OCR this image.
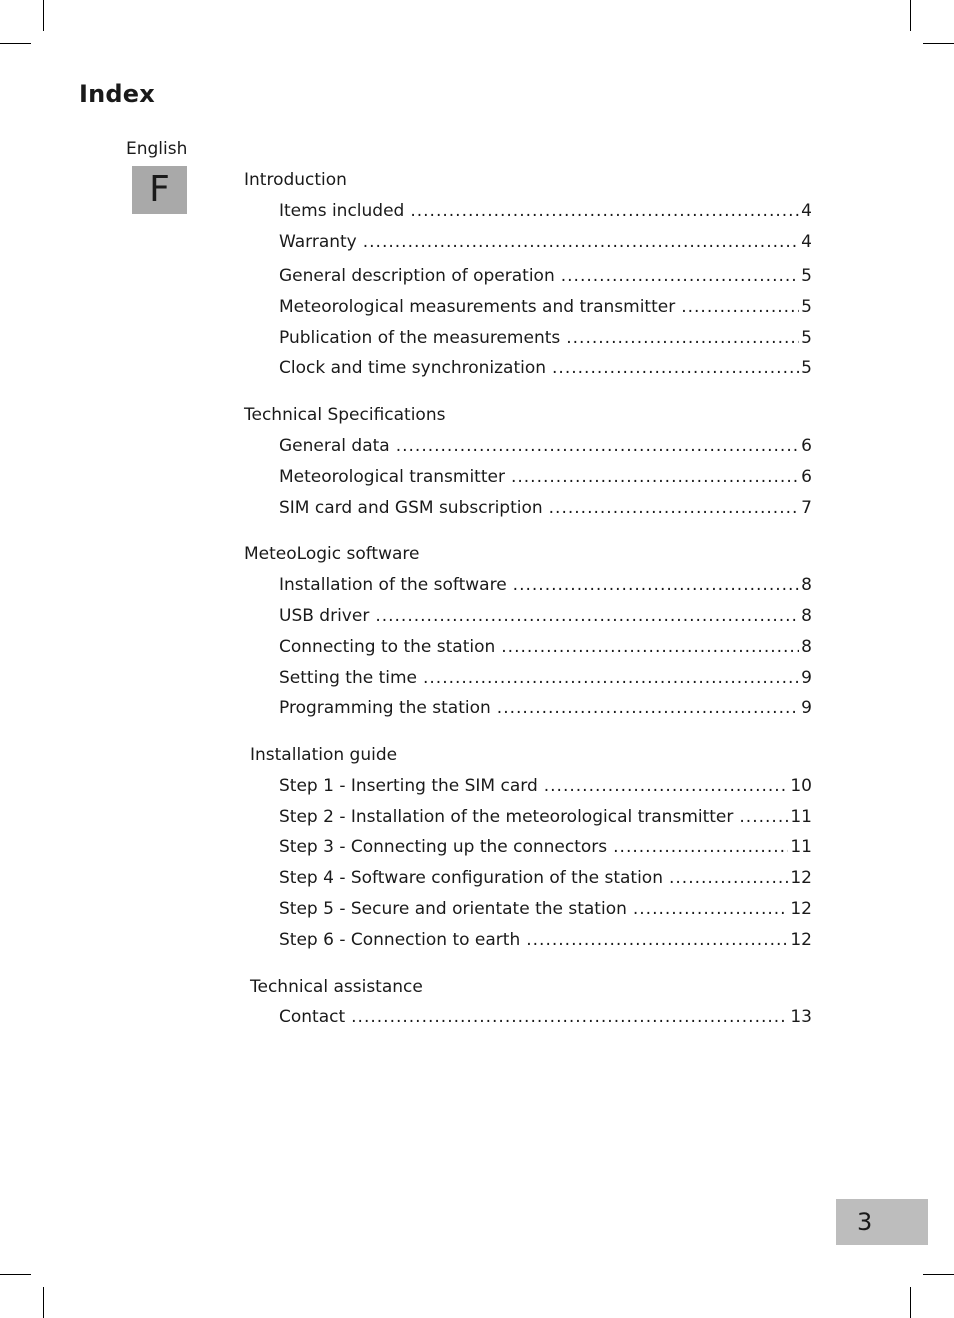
Index
English
F	Introduction
Items included .....	4
Warranty .....	4
General description of operation .....	5
Meteorological measurements and transmitter .....	5
Publication of the measurements .....	5
Clock and time synchronization .....	5
Technical Specifications
General data .....	6
Meteorological transmitter .....	6
SIM card and GSM subscription .....	7
MeteoLogic software
Installation of the software .....	8
USB driver .....	8
Connecting to the station .....	8
Setting the time .....	9
Programming the station .....	9
Installation guide
Step 1 - Inserting the SIM card .....	10
Step 2 - Installation of the meteorological transmitter .....	11
Step 3 - Connecting up the connectors .....	11
Step 4 - Software configuration of the station .....	12
Step 5 - Secure and orientate the station .....	12
Step 6 - Connection to earth .....	12
Technical assistance
Contact .....	13
3
